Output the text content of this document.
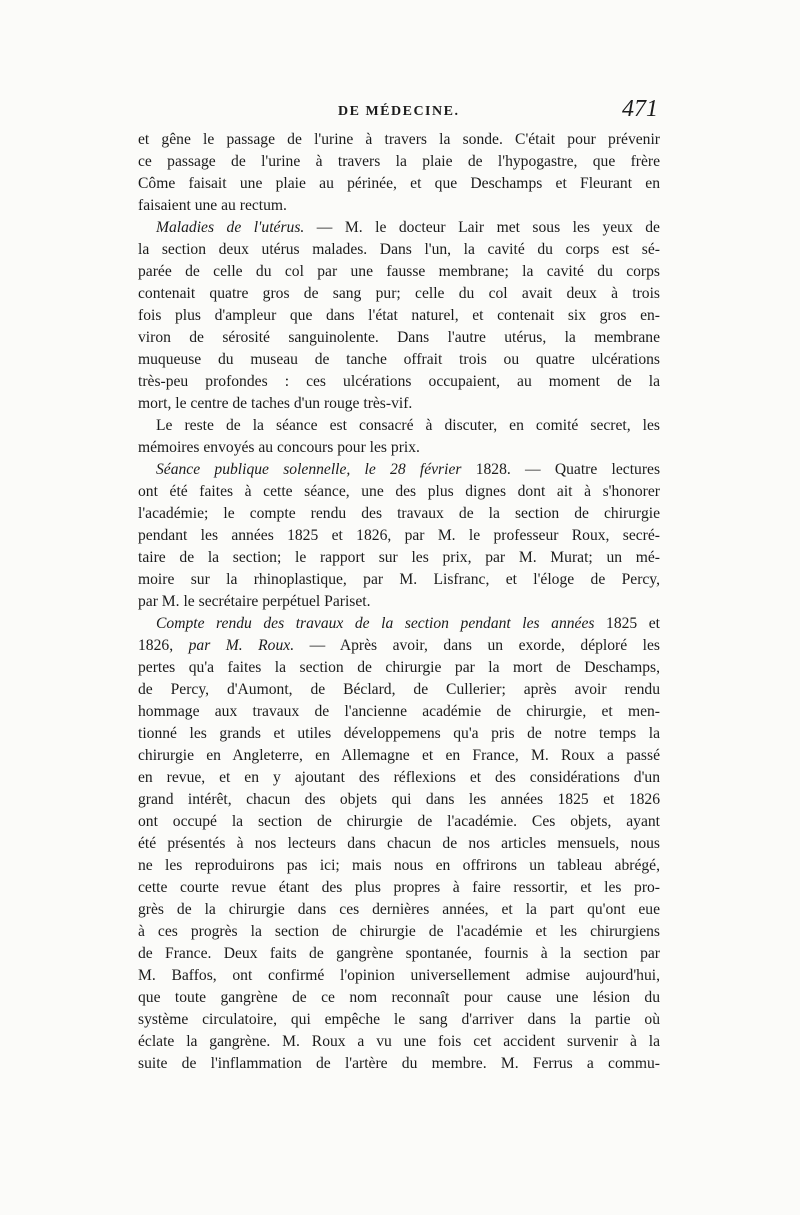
DE MÉDECINE.	471
et gêne le passage de l'urine à travers la sonde. C'était pour prévenir
ce passage de l'urine à travers la plaie de l'hypogastre, que frère
Côme faisait une plaie au périnée, et que Deschamps et Fleurant en
faisaient une au rectum.
Maladies de l'utérus. — M. le docteur Lair met sous les yeux de
la section deux utérus malades. Dans l'un, la cavité du corps est sé-
parée de celle du col par une fausse membrane; la cavité du corps
contenait quatre gros de sang pur; celle du col avait deux à trois
fois plus d'ampleur que dans l'état naturel, et contenait six gros en-
viron de sérosité sanguinolente. Dans l'autre utérus, la membrane
muqueuse du museau de tanche offrait trois ou quatre ulcérations
très-peu profondes : ces ulcérations occupaient, au moment de la
mort, le centre de taches d'un rouge très-vif.
Le reste de la séance est consacré à discuter, en comité secret, les
mémoires envoyés au concours pour les prix.
Séance publique solennelle, le 28 février 1828. — Quatre lectures
ont été faites à cette séance, une des plus dignes dont ait à s'honorer
l'académie; le compte rendu des travaux de la section de chirurgie
pendant les années 1825 et 1826, par M. le professeur Roux, secré-
taire de la section; le rapport sur les prix, par M. Murat; un mé-
moire sur la rhinoplastique, par M. Lisfranc, et l'éloge de Percy,
par M. le secrétaire perpétuel Pariset.
Compte rendu des travaux de la section pendant les années 1825 et
1826, par M. Roux. — Après avoir, dans un exorde, déploré les
pertes qu'a faites la section de chirurgie par la mort de Deschamps,
de Percy, d'Aumont, de Béclard, de Cullerier; après avoir rendu
hommage aux travaux de l'ancienne académie de chirurgie, et men-
tionné les grands et utiles développemens qu'a pris de notre temps la
chirurgie en Angleterre, en Allemagne et en France, M. Roux a passé
en revue, et en y ajoutant des réflexions et des considérations d'un
grand intérêt, chacun des objets qui dans les années 1825 et 1826
ont occupé la section de chirurgie de l'académie. Ces objets, ayant
été présentés à nos lecteurs dans chacun de nos articles mensuels, nous
ne les reproduirons pas ici; mais nous en offrirons un tableau abrégé,
cette courte revue étant des plus propres à faire ressortir, et les pro-
grès de la chirurgie dans ces dernières années, et la part qu'ont eue
à ces progrès la section de chirurgie de l'académie et les chirurgiens
de France. Deux faits de gangrène spontanée, fournis à la section par
M. Baffos, ont confirmé l'opinion universellement admise aujourd'hui,
que toute gangrène de ce nom reconnaît pour cause une lésion du
système circulatoire, qui empêche le sang d'arriver dans la partie où
éclate la gangrène. M. Roux a vu une fois cet accident survenir à la
suite de l'inflammation de l'artère du membre. M. Ferrus a commu-
